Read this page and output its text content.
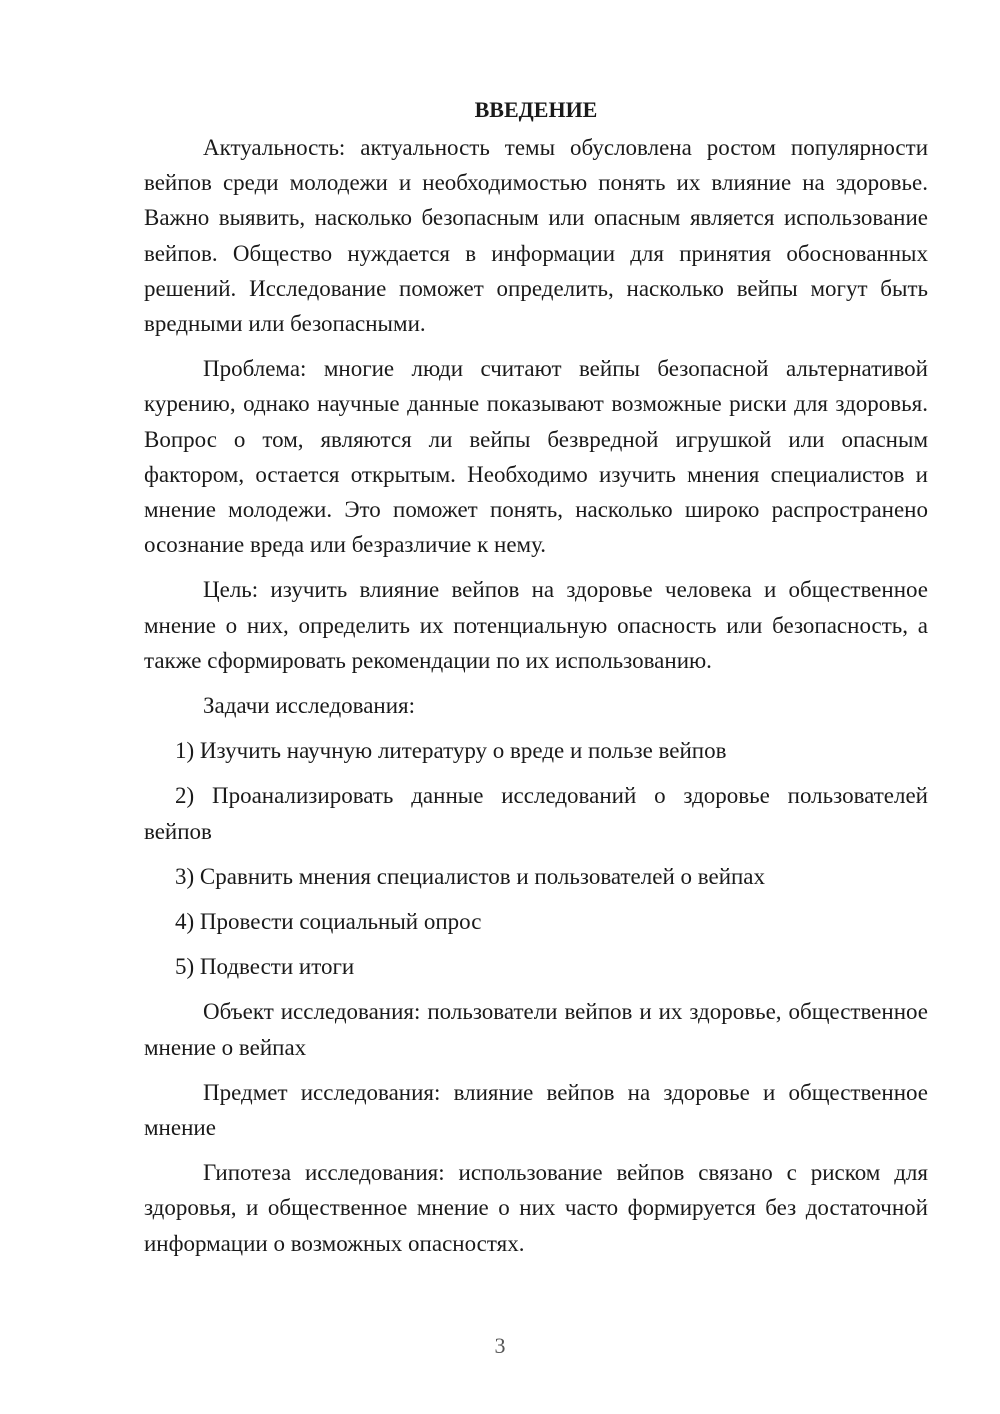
ВВЕДЕНИЕ

Актуальность: актуальность темы обусловлена ростом популярности вейпов среди молодежи и необходимостью понять их влияние на здоровье. Важно выявить, насколько безопасным или опасным является использование вейпов. Общество нуждается в информации для принятия обоснованных решений. Исследование поможет определить, насколько вейпы могут быть вредными или безопасными.

Проблема: многие люди считают вейпы безопасной альтернативой курению, однако научные данные показывают возможные риски для здоровья. Вопрос о том, являются ли вейпы безвредной игрушкой или опасным фактором, остается открытым. Необходимо изучить мнения специалистов и мнение молодежи. Это поможет понять, насколько широко распространено осознание вреда или безразличие к нему.

Цель: изучить влияние вейпов на здоровье человека и общественное мнение о них, определить их потенциальную опасность или безопасность, а также сформировать рекомендации по их использованию.

Задачи исследования:

1) Изучить научную литературу о вреде и пользе вейпов

2) Проанализировать данные исследований о здоровье пользователей вейпов

3) Сравнить мнения специалистов и пользователей о вейпах

4) Провести социальный опрос

5) Подвести итоги

Объект исследования: пользователи вейпов и их здоровье, общественное мнение о вейпах

Предмет исследования: влияние вейпов на здоровье и общественное мнение

Гипотеза исследования: использование вейпов связано с риском для здоровья, и общественное мнение о них часто формируется без достаточной информации о возможных опасностях.

3
